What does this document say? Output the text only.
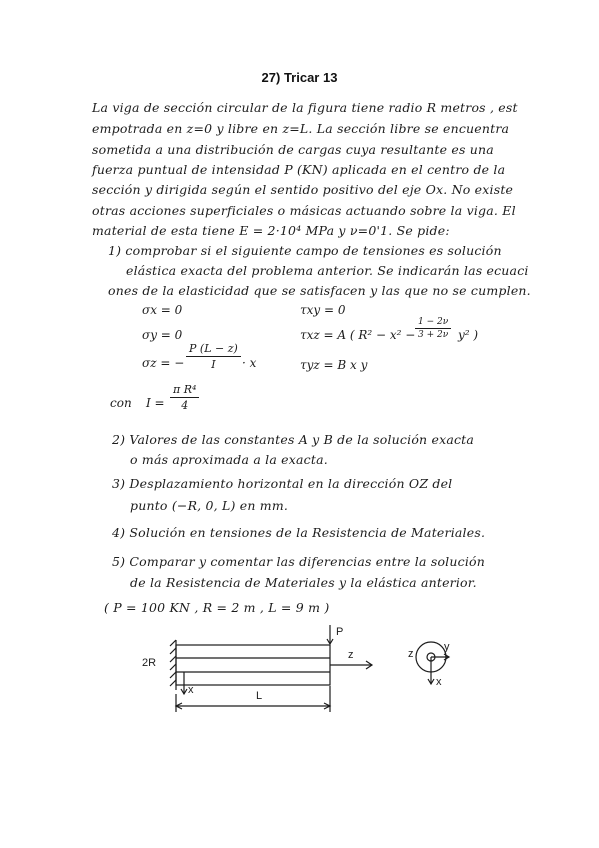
27) Tricar 13
La viga de sección circular de la figura tiene radio R metros , est
empotrada en z=0 y libre en z=L. La sección libre se encuentra
sometida a una distribución de cargas cuya resultante es una
fuerza puntual de intensidad P (KN) aplicada en el centro de la
sección y dirigida según el sentido positivo del eje Ox. No existe
otras acciones superficiales o másicas actuando sobre la viga. El
material de esta tiene E = 2·10⁴ MPa y ν=0'1. Se pide:
1) comprobar si el siguiente campo de tensiones es solución
elástica exacta del problema anterior. Se indicarán las ecuaci
ones de la elasticidad que se satisfacen y las que no se cumplen.
σx = 0
σy = 0
σz = − $\frac{P (L - z)}{I} \cdot x$
τxy = 0
τxz = A ( $R^2 - x^2 - \frac{1 - 2\nu}{3 + 2\nu} y^2$ )
τyz = B x y
con $I = \frac{\text{π R⁴}}{4}$
2) Valores de las constantes A y B de la solución exacta
o más aproximada a la exacta.
3) Desplazamiento horizontal en la dirección OZ del
punto (−R, 0, L) en mm.
4) Solución en tensiones de la Resistencia de Materiales.
5) Comparar y comentar las diferencias entre la solución
de la Resistencia de Materiales y la elástica anterior.
( P = 100 KN , R = 2 m , L = 9 m )
2R
L
P
z
x
z
y
x
